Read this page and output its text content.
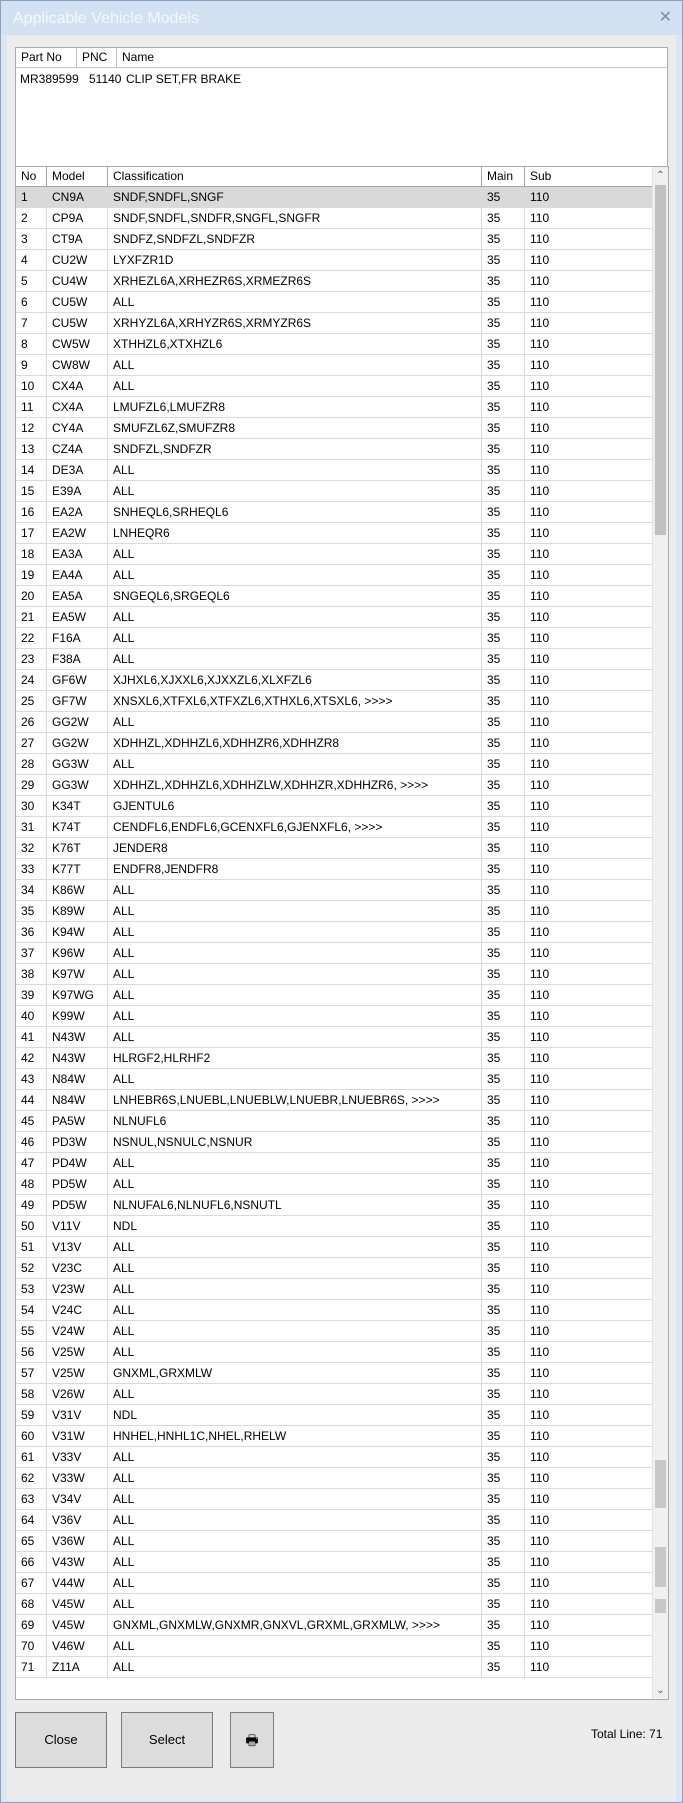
Applicable Vehicle Models	✕
Part No	PNC	Name
MR389599 51140 CLIP SET,FR BRAKE
No	Model	Classification	Main	Sub
1	CN9A	SNDF,SNDFL,SNGF	35	110
2	CP9A	SNDF,SNDFL,SNDFR,SNGFL,SNGFR	35	110
3	CT9A	SNDFZ,SNDFZL,SNDFZR	35	110
4	CU2W	LYXFZR1D	35	110
5	CU4W	XRHEZL6A,XRHEZR6S,XRMEZR6S	35	110
6	CU5W	ALL	35	110
7	CU5W	XRHYZL6A,XRHYZR6S,XRMYZR6S	35	110
8	CW5W	XTHHZL6,XTXHZL6	35	110
9	CW8W	ALL	35	110
10	CX4A	ALL	35	110
11	CX4A	LMUFZL6,LMUFZR8	35	110
12	CY4A	SMUFZL6Z,SMUFZR8	35	110
13	CZ4A	SNDFZL,SNDFZR	35	110
14	DE3A	ALL	35	110
15	E39A	ALL	35	110
16	EA2A	SNHEQL6,SRHEQL6	35	110
17	EA2W	LNHEQR6	35	110
18	EA3A	ALL	35	110
19	EA4A	ALL	35	110
20	EA5A	SNGEQL6,SRGEQL6	35	110
21	EA5W	ALL	35	110
22	F16A	ALL	35	110
23	F38A	ALL	35	110
24	GF6W	XJHXL6,XJXXL6,XJXXZL6,XLXFZL6	35	110
25	GF7W	XNSXL6,XTFXL6,XTFXZL6,XTHXL6,XTSXL6, >>>>	35	110
26	GG2W	ALL	35	110
27	GG2W	XDHHZL,XDHHZL6,XDHHZR6,XDHHZR8	35	110
28	GG3W	ALL	35	110
29	GG3W	XDHHZL,XDHHZL6,XDHHZLW,XDHHZR,XDHHZR6, >>>>	35	110
30	K34T	GJENTUL6	35	110
31	K74T	CENDFL6,ENDFL6,GCENXFL6,GJENXFL6, >>>>	35	110
32	K76T	JENDER8	35	110
33	K77T	ENDFR8,JENDFR8	35	110
34	K86W	ALL	35	110
35	K89W	ALL	35	110
36	K94W	ALL	35	110
37	K96W	ALL	35	110
38	K97W	ALL	35	110
39	K97WG	ALL	35	110
40	K99W	ALL	35	110
41	N43W	ALL	35	110
42	N43W	HLRGF2,HLRHF2	35	110
43	N84W	ALL	35	110
44	N84W	LNHEBR6S,LNUEBL,LNUEBLW,LNUEBR,LNUEBR6S, >>>>	35	110
45	PA5W	NLNUFL6	35	110
46	PD3W	NSNUL,NSNULC,NSNUR	35	110
47	PD4W	ALL	35	110
48	PD5W	ALL	35	110
49	PD5W	NLNUFAL6,NLNUFL6,NSNUTL	35	110
50	V11V	NDL	35	110
51	V13V	ALL	35	110
52	V23C	ALL	35	110
53	V23W	ALL	35	110
54	V24C	ALL	35	110
55	V24W	ALL	35	110
56	V25W	ALL	35	110
57	V25W	GNXML,GRXMLW	35	110
58	V26W	ALL	35	110
59	V31V	NDL	35	110
60	V31W	HNHEL,HNHL1C,NHEL,RHELW	35	110
61	V33V	ALL	35	110
62	V33W	ALL	35	110
63	V34V	ALL	35	110
64	V36V	ALL	35	110
65	V36W	ALL	35	110
66	V43W	ALL	35	110
67	V44W	ALL	35	110
68	V45W	ALL	35	110
69	V45W	GNXML,GNXMLW,GNXMR,GNXVL,GRXML,GRXMLW, >>>>	35	110
70	V46W	ALL	35	110
71	Z11A	ALL	35	110
⌃
⌄
Close	Select	🖶	Total Line: 71
